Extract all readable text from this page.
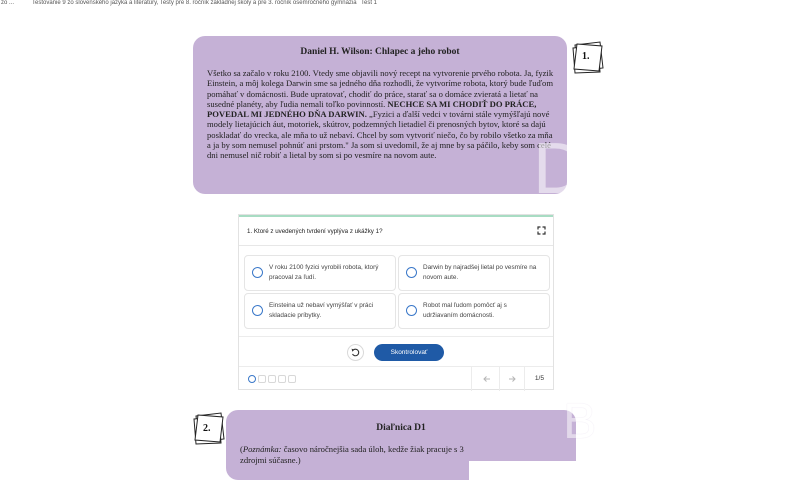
zo ...	Testovanie 9 zo slovenského jazyka a literatúry, Testy pre 8. ročník základnej školy a pre 3. ročník osemročného gymnázia Test 1
Daniel H. Wilson: Chlapec a jeho robot
Všetko sa začalo v roku 2100. Vtedy sme objavili nový recept na vytvorenie prvého robota. Ja, fyzik Einstein, a môj kolega Darwin sme sa jedného dňa rozhodli, že vytvoríme robota, ktorý bude ľuďom pomáhať v domácnosti. Bude upratovať, chodiť do práce, starať sa o domáce zvieratá a lietať na susedné planéty, aby ľudia nemali toľko povinností. NECHCE SA MI CHODIŤ DO PRÁCE, POVEDAL MI JEDNÉHO DŇA DARWIN. „Fyzici a ďalší vedci v továrni stále vymýšľajú nové modely lietajúcich áut, motoriek, skútrov, podzemných lietadiel či prenosných bytov, ktoré sa dajú poskladať do vrecka, ale mňa to už nebaví. Chcel by som vytvoriť niečo, čo by robilo všetko za mňa a ja by som nemusel pohnúť ani prstom." Ja som si uvedomil, že aj mne by sa páčilo, keby som celé dni nemusel nič robiť a lietal by som si po vesmíre na novom aute.	D
1.
1. Ktoré z uvedených tvrdení vyplýva z ukážky 1?
V roku 2100 fyzici vyrobili robota, ktorý pracoval za ľudí.
Darwin by najradšej lietal po vesmíre na novom aute.
Einsteina už nebaví vymýšľať v práci skladacie príbytky.
Robot mal ľudom pomôcť aj s udržiavaním domácnosti.
Skontrolovať
1/5
2.	Diaľnica D1
(Poznámka: časovo náročnejšia sada úloh, kedže žiak pracuje s 3 zdrojmi súčasne.)
B
